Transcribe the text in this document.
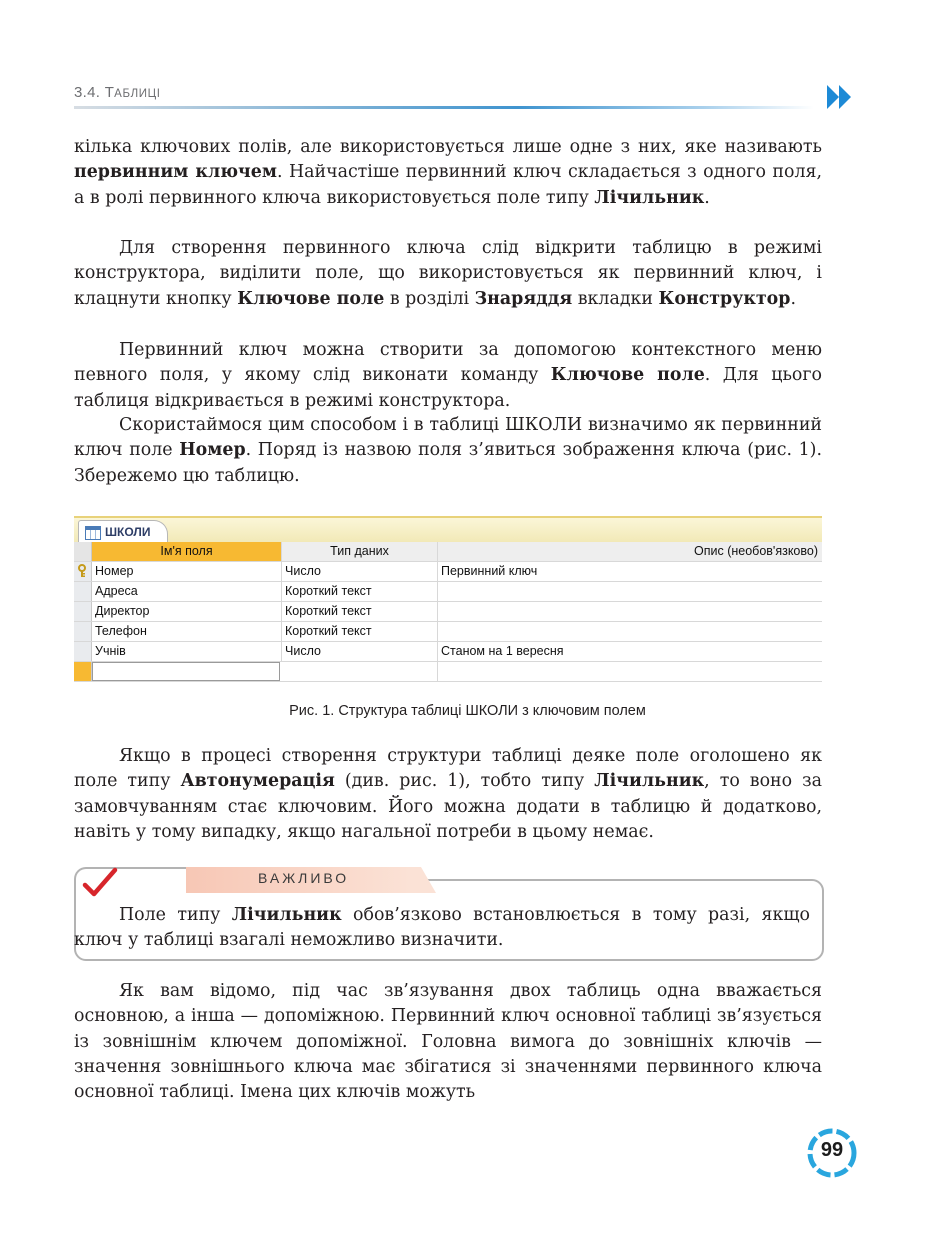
3.4. ТАБЛИЦІ

кілька ключових полів, але використовується лише одне з них, яке називають первинним ключем. Найчастіше первинний ключ складається з одного поля, а в ролі первинного ключа використовується поле типу Лічильник.

Для створення первинного ключа слід відкрити таблицю в режимі конструктора, виділити поле, що використовується як первинний ключ, і клацнути кнопку Ключове поле в розділі Знаряддя вкладки Конструктор.

Первинний ключ можна створити за допомогою контекстного меню певного поля, у якому слід виконати команду Ключове поле. Для цього таблиця відкривається в режимі конструктора.

Скористаймося цим способом і в таблиці ШКОЛИ визначимо як первинний ключ поле Номер. Поряд із назвою поля з’явиться зображення ключа (рис. 1). Збережемо цю таблицю.

ШКОЛИ
Ім'я поля	Тип даних	Опис (необов'язково)
Номер	Число	Первинний ключ
Адреса	Короткий текст
Директор	Короткий текст
Телефон	Короткий текст
Учнів	Число	Станом на 1 вересня
Рис. 1. Структура таблиці ШКОЛИ з ключовим полем

Якщо в процесі створення структури таблиці деяке поле оголошено як поле типу Автонумерація (див. рис. 1), тобто типу Лічильник, то воно за замовчуванням стає ключовим. Його можна додати в таблицю й додатково, навіть у тому випадку, якщо нагальної потреби в цьому немає.

ВАЖЛИВО

Поле типу Лічильник обов’язково встановлюється в тому разі, якщо ключ у таблиці взагалі неможливо визначити.

Як вам відомо, під час зв’язування двох таблиць одна вважається основною, а інша — допоміжною. Первинний ключ основної таблиці зв’язується із зовнішнім ключем допоміжної. Головна вимога до зовнішніх ключів — значення зовнішнього ключа має збігатися зі значеннями первинного ключа основної таблиці. Імена цих ключів можуть

99
